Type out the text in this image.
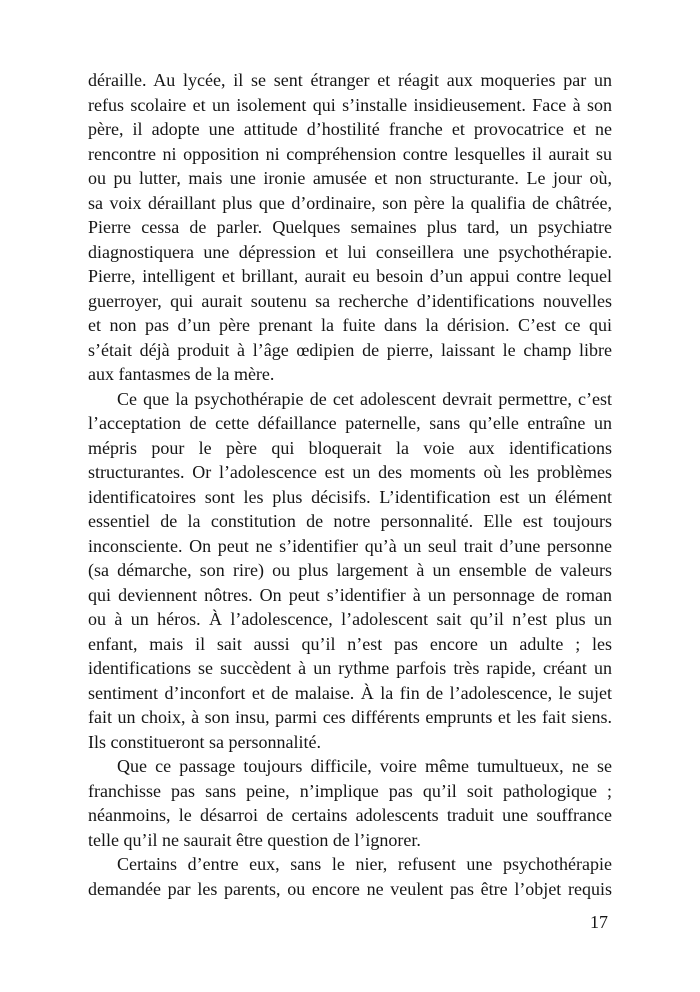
déraille. Au lycée, il se sent étranger et réagit aux moqueries par un
refus scolaire et un isolement qui s’installe insidieusement. Face à son
père, il adopte une attitude d’hostilité franche et provocatrice et ne
rencontre ni opposition ni compréhension contre lesquelles il aurait su
ou pu lutter, mais une ironie amusée et non structurante. Le jour où,
sa voix déraillant plus que d’ordinaire, son père la qualifia de châtrée,
Pierre cessa de parler. Quelques semaines plus tard, un psychiatre
diagnostiquera une dépression et lui conseillera une psychothérapie.
Pierre, intelligent et brillant, aurait eu besoin d’un appui contre lequel
guerroyer, qui aurait soutenu sa recherche d’identifications nouvelles
et non pas d’un père prenant la fuite dans la dérision. C’est ce qui
s’était déjà produit à l’âge œdipien de pierre, laissant le champ libre
aux fantasmes de la mère.

Ce que la psychothérapie de cet adolescent devrait permettre, c’est
l’acceptation de cette défaillance paternelle, sans qu’elle entraîne un
mépris pour le père qui bloquerait la voie aux identifications
structurantes. Or l’adolescence est un des moments où les problèmes
identificatoires sont les plus décisifs. L’identification est un élément
essentiel de la constitution de notre personnalité. Elle est toujours
inconsciente. On peut ne s’identifier qu’à un seul trait d’une personne
(sa démarche, son rire) ou plus largement à un ensemble de valeurs
qui deviennent nôtres. On peut s’identifier à un personnage de roman
ou à un héros. À l’adolescence, l’adolescent sait qu’il n’est plus un
enfant, mais il sait aussi qu’il n’est pas encore un adulte ; les
identifications se succèdent à un rythme parfois très rapide, créant un
sentiment d’inconfort et de malaise. À la fin de l’adolescence, le sujet
fait un choix, à son insu, parmi ces différents emprunts et les fait siens.
Ils constitueront sa personnalité.

Que ce passage toujours difficile, voire même tumultueux, ne se
franchisse pas sans peine, n’implique pas qu’il soit pathologique ;
néanmoins, le désarroi de certains adolescents traduit une souffrance
telle qu’il ne saurait être question de l’ignorer.

Certains d’entre eux, sans le nier, refusent une psychothérapie
demandée par les parents, ou encore ne veulent pas être l’objet requis

17
